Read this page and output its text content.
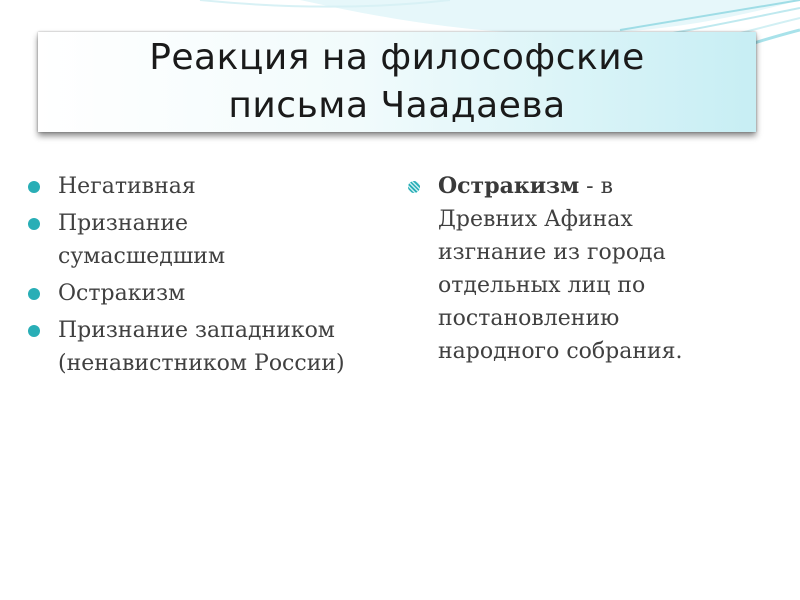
Реакция на философские
письма Чаадаева
Негативная
Признание
сумасшедшим
Остракизм
Признание западником
(ненавистником России)
Остракизм - в
Древних Афинах
изгнание из города
отдельных лиц по
постановлению
народного собрания.
